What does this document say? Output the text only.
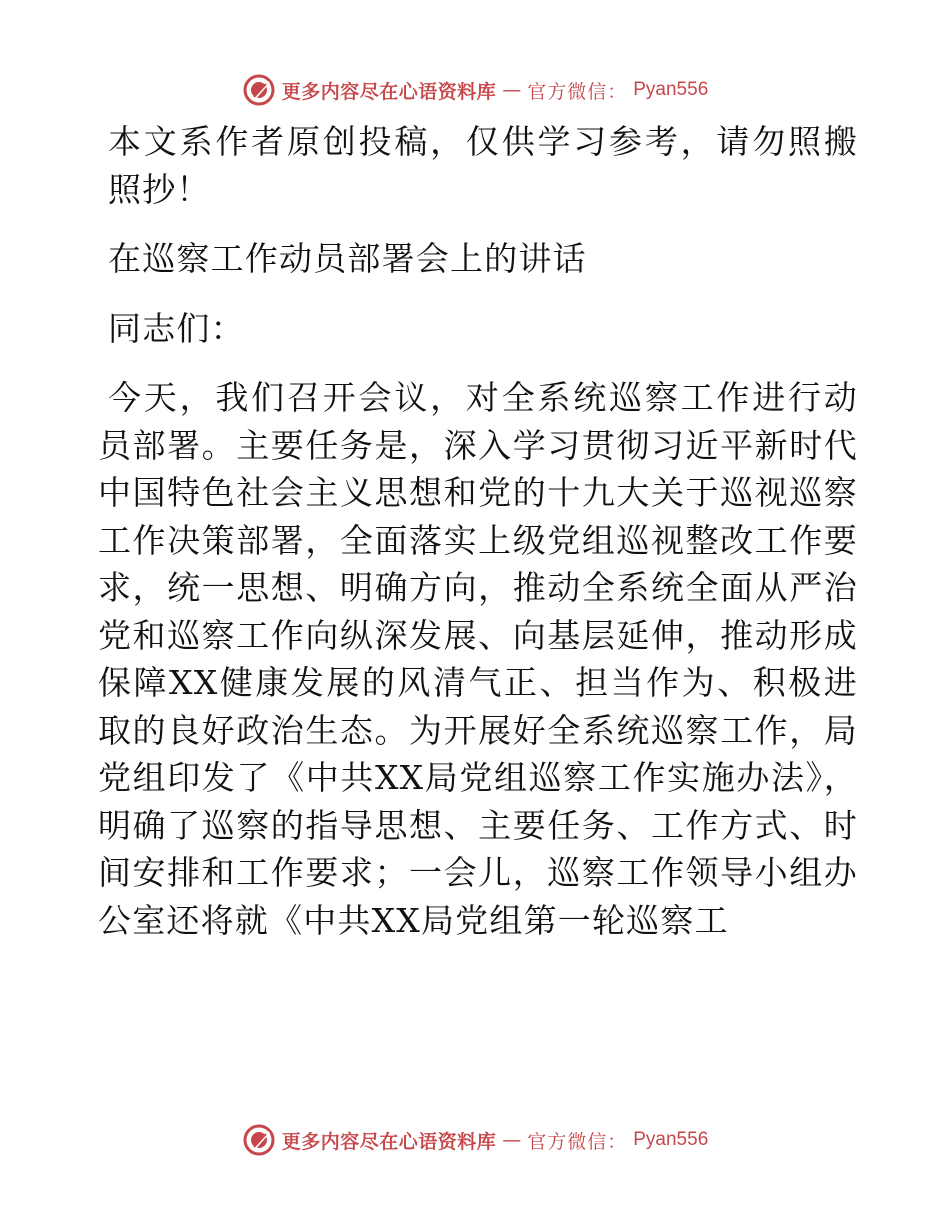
更多内容尽在心语资料库 — 官方微信： Pyan556

本文系作者原创投稿，仅供学习参考，请勿照搬照抄！

在巡察工作动员部署会上的讲话

同志们：

今天，我们召开会议，对全系统巡察工作进行动员部署。主要任务是，深入学习贯彻习近平新时代中国特色社会主义思想和党的十九大关于巡视巡察工作决策部署，全面落实上级党组巡视整改工作要求，统一思想、明确方向，推动全系统全面从严治党和巡察工作向纵深发展、向基层延伸，推动形成保障XX健康发展的风清气正、担当作为、积极进取的良好政治生态。为开展好全系统巡察工作，局党组印发了《中共XX局党组巡察工作实施办法》，明确了巡察的指导思想、主要任务、工作方式、时间安排和工作要求；一会儿，巡察工作领导小组办公室还将就《中共XX局党组第一轮巡察工

更多内容尽在心语资料库 — 官方微信： Pyan556
